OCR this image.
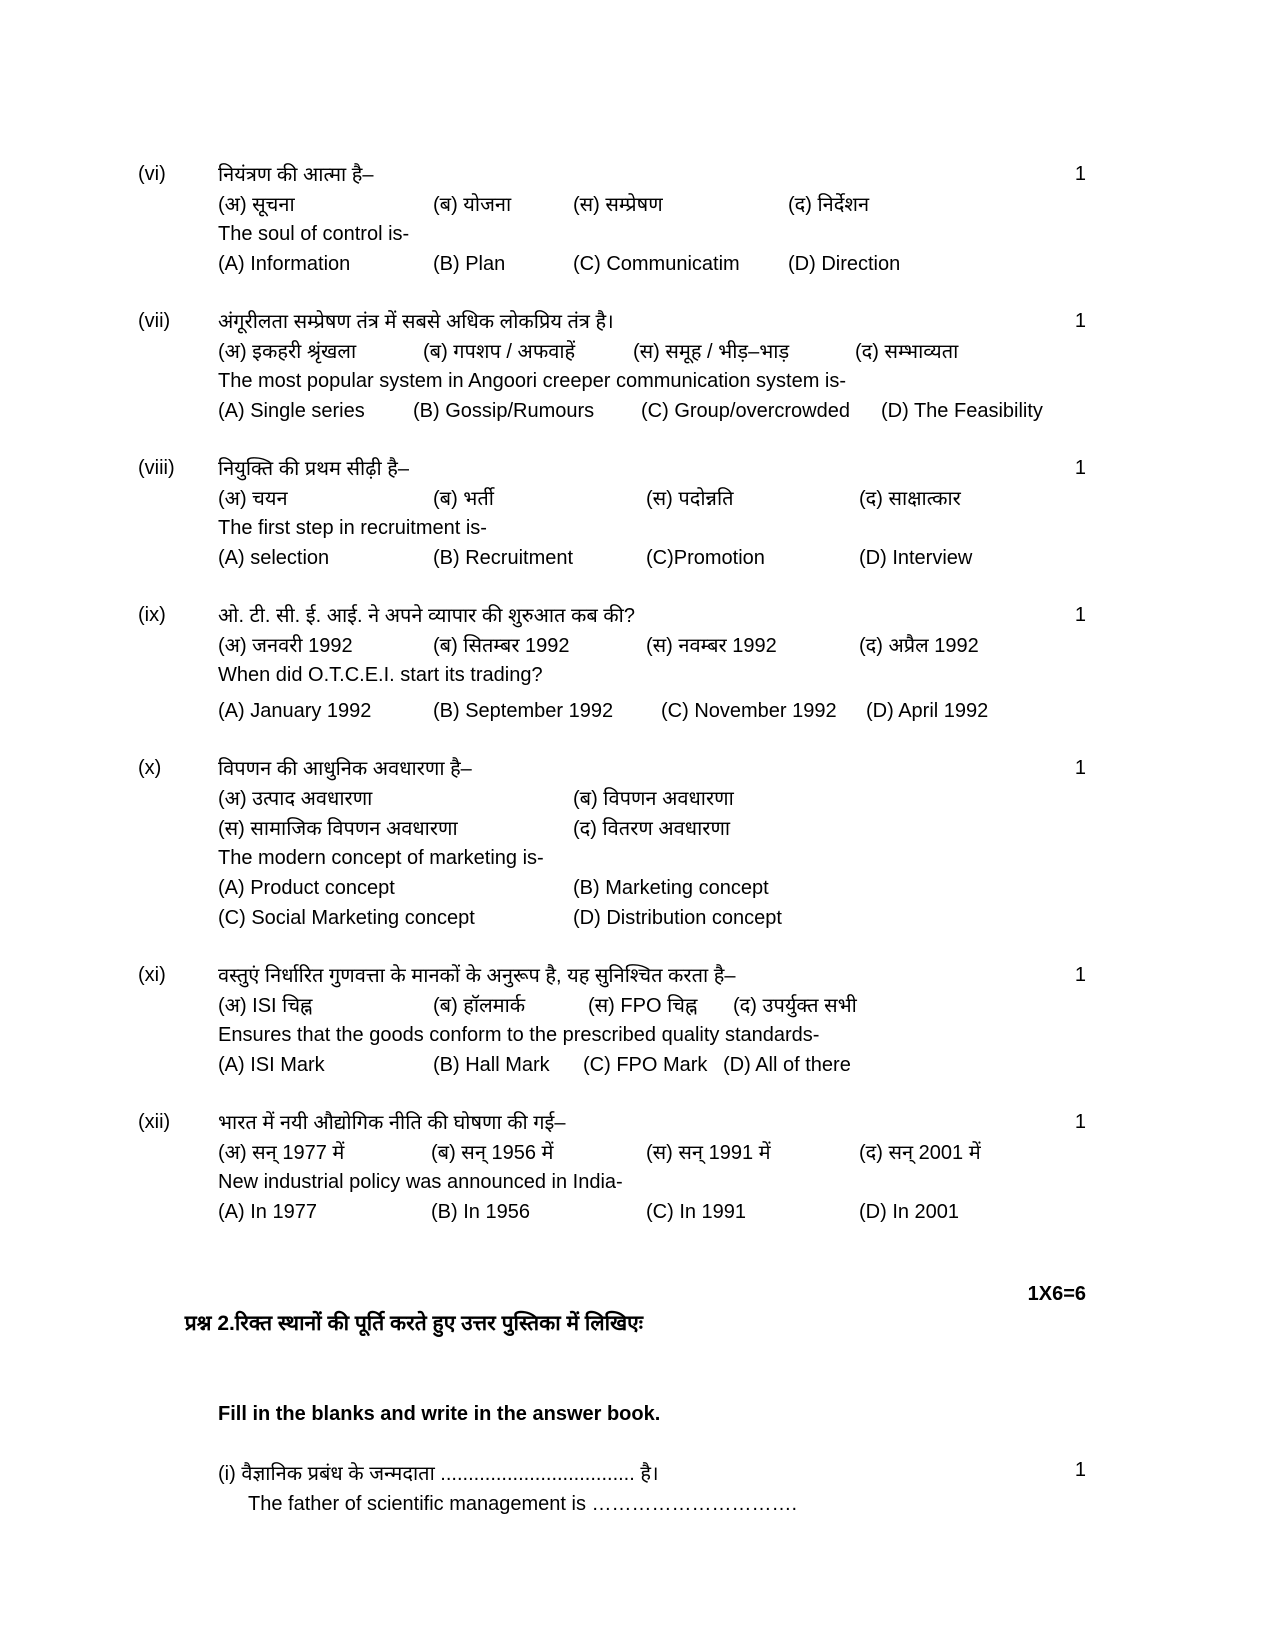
(vi)	1
नियंत्रण की आत्मा है–
(अ) सूचना	(ब) योजना	(स) सम्प्रेषण	(द) निर्देशन
The soul of control is-
(A) Information	(B) Plan	(C) Communicatim	(D) Direction
(vii)	1
अंगूरीलता सम्प्रेषण तंत्र में सबसे अधिक लोकप्रिय तंत्र है।
(अ) इकहरी श्रृंखला	(ब) गपशप / अफवाहें	(स) समूह / भीड़–भाड़	(द) सम्भाव्यता
The most popular system in Angoori creeper communication system is-
(A) Single series	(B) Gossip/Rumours	(C) Group/overcrowded	(D) The Feasibility
(viii)	1
नियुक्ति की प्रथम सीढ़ी है–
(अ) चयन	(ब) भर्ती	(स) पदोन्नति	(द) साक्षात्कार
The first step in recruitment is-
(A) selection	(B) Recruitment	(C)Promotion	(D) Interview
(ix)	1
ओ. टी. सी. ई. आई. ने अपने व्यापार की शुरुआत कब की?
(अ) जनवरी 1992	(ब) सितम्बर 1992	(स) नवम्बर 1992	(द) अप्रैल 1992
When did O.T.C.E.I. start its trading?
(A) January 1992	(B) September 1992	(C) November 1992	(D) April 1992
(x)	1
विपणन की आधुनिक अवधारणा है–
(अ) उत्पाद अवधारणा	(ब) विपणन अवधारणा
(स) सामाजिक विपणन अवधारणा	(द) वितरण अवधारणा
The modern concept of marketing is-
(A) Product concept	(B) Marketing concept
(C) Social Marketing concept	(D) Distribution concept
(xi)	1
वस्तुएं निर्धारित गुणवत्ता के मानकों के अनुरूप है, यह सुनिश्चित करता है–
(अ) ISI चिह्न	(ब) हॉलमार्क	(स) FPO चिह्न	(द) उपर्युक्त सभी
Ensures that the goods conform to the prescribed quality standards-
(A) ISI Mark	(B) Hall Mark	(C) FPO Mark (D) All of there
(xii)	1
भारत में नयी औद्योगिक नीति की घोषणा की गई–
(अ) सन् 1977 में	(ब) सन् 1956 में	(स) सन् 1991 में	(द) सन् 2001 में
New industrial policy was announced in India-
(A) In 1977	(B) In 1956	(C) In 1991	(D) In 2001

प्रश्न 2.रिक्त स्थानों की पूर्ति करते हुए उत्तर पुस्तिका में लिखिएः

1X6=6

Fill in the blanks and write in the answer book.
1
(i) वैज्ञानिक प्रबंध के जन्मदाता ................................... है।
The father of scientific management is ………………………….
